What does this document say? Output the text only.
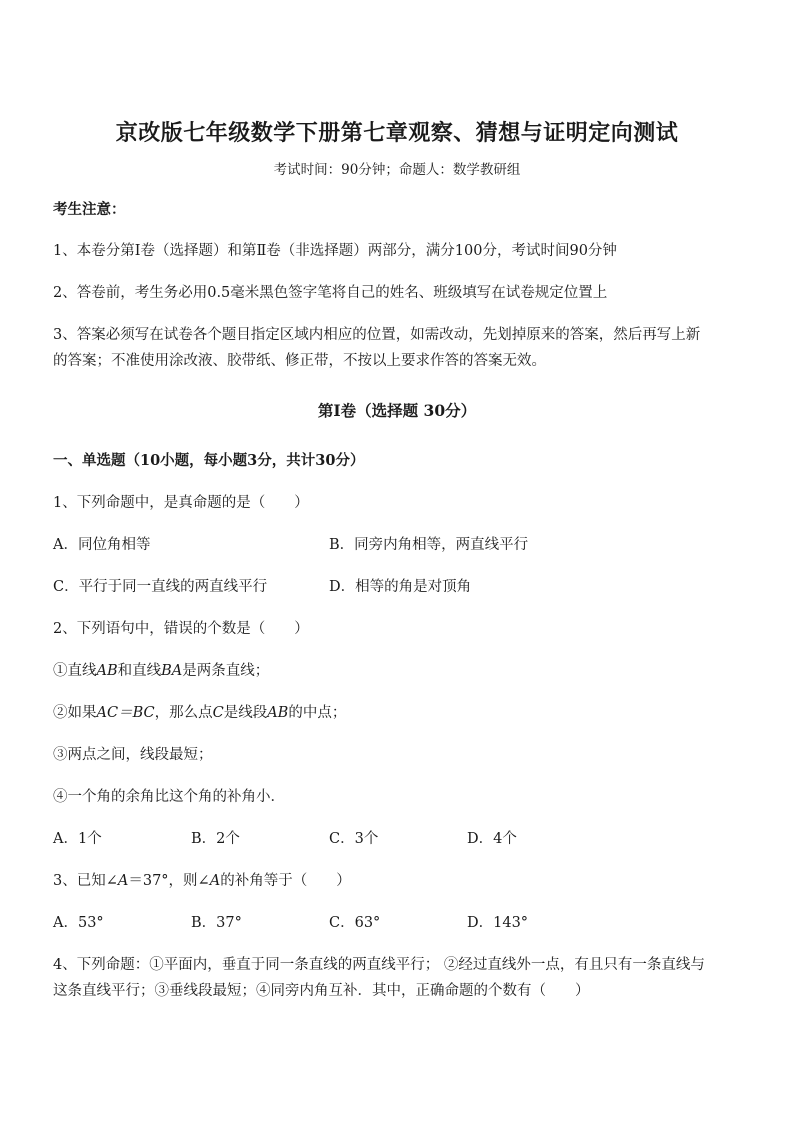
京改版七年级数学下册第七章观察、猜想与证明定向测试
考试时间：90分钟；命题人：数学教研组
考生注意：
1、本卷分第Ⅰ卷（选择题）和第Ⅱ卷（非选择题）两部分，满分100分，考试时间90分钟
2、答卷前，考生务必用0.5毫米黑色签字笔将自己的姓名、班级填写在试卷规定位置上
3、答案必须写在试卷各个题目指定区域内相应的位置，如需改动，先划掉原来的答案，然后再写上新
的答案；不准使用涂改液、胶带纸、修正带，不按以上要求作答的答案无效。
第Ⅰ卷（选择题 30分）
一、单选题（10小题，每小题3分，共计30分）
1、下列命题中，是真命题的是（　　）
A．同位角相等	B．同旁内角相等，两直线平行
C．平行于同一直线的两直线平行	D．相等的角是对顶角
2、下列语句中，错误的个数是（　　）
①直线AB和直线BA是两条直线；
②如果AC＝BC，那么点C是线段AB的中点；
③两点之间，线段最短；
④一个角的余角比这个角的补角小．
A．1个	B．2个	C．3个	D．4个
3、已知∠A＝37°，则∠A的补角等于（　　）
A．53°	B．37°	C．63°	D．143°
4、下列命题：①平面内，垂直于同一条直线的两直线平行； ②经过直线外一点，有且只有一条直线与
这条直线平行；③垂线段最短；④同旁内角互补．其中，正确命题的个数有（　　）
